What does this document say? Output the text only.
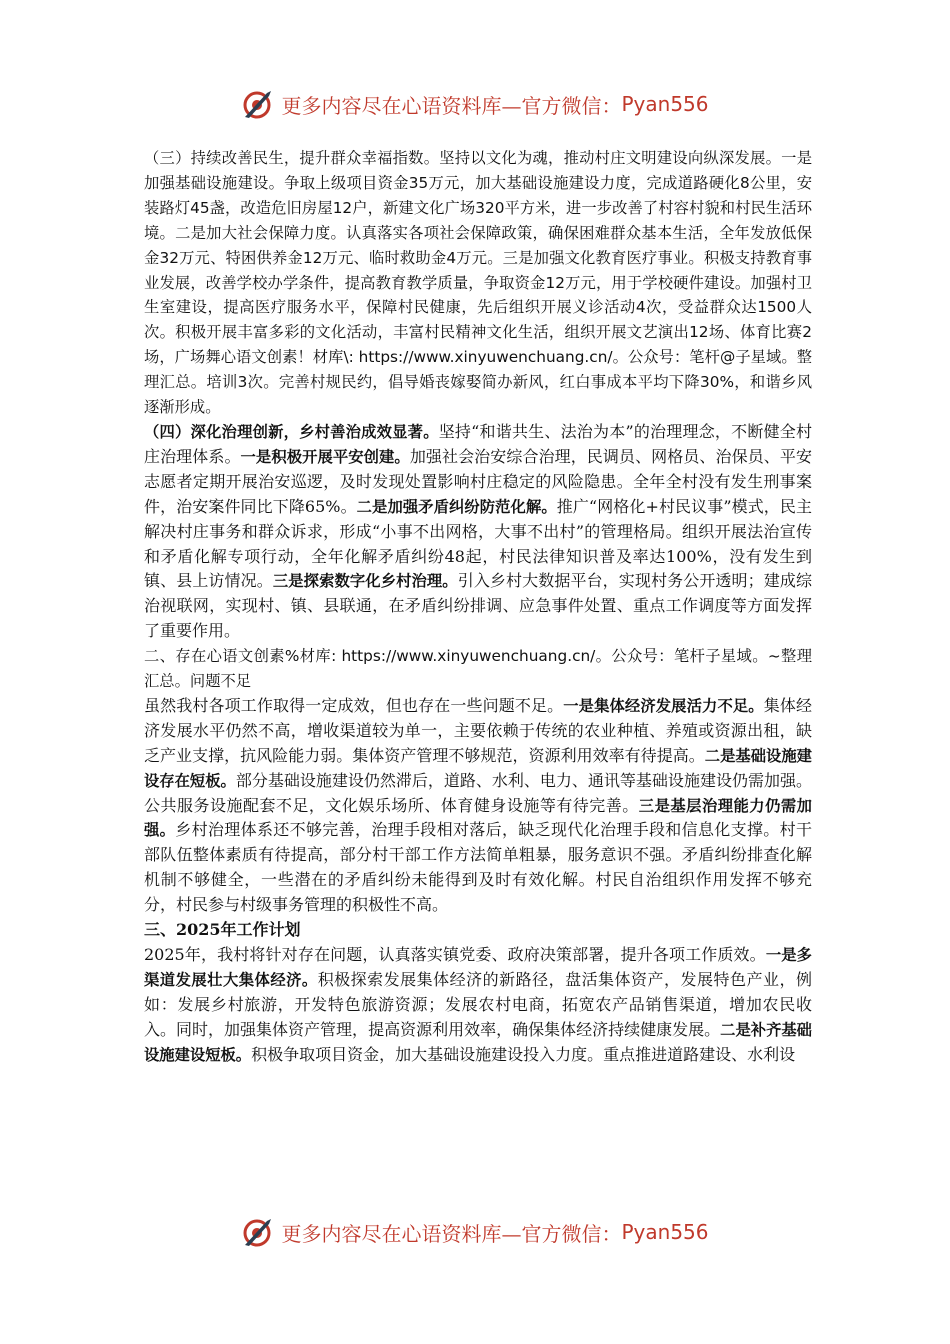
更多内容尽在心语资料库—官方微信： Pyan556

（三）持续改善民生，提升群众幸福指数。坚持以文化为魂，推动村庄文明建设向纵深发展。一是加强基础设施建设。争取上级项目资金35万元，加大基础设施建设力度，完成道路硬化8公里，安装路灯45盏，改造危旧房屋12户，新建文化广场320平方米，进一步改善了村容村貌和村民生活环境。二是加大社会保障力度。认真落实各项社会保障政策，确保困难群众基本生活，全年发放低保金32万元、特困供养金12万元、临时救助金4万元。三是加强文化教育医疗事业。积极支持教育事业发展，改善学校办学条件，提高教育教学质量，争取资金12万元，用于学校硬件建设。加强村卫生室建设，提高医疗服务水平，保障村民健康，先后组织开展义诊活动4次，受益群众达1500人次。积极开展丰富多彩的文化活动，丰富村民精神文化生活，组织开展文艺演出12场、体育比赛2场，广场舞心语文创素！材库\: https://www.xinyuwenchuang.cn/。公众号：笔杆@子星域。整理汇总。培训3次。完善村规民约，倡导婚丧嫁娶简办新风，红白事成本平均下降30%，和谐乡风逐渐形成。

（四）深化治理创新，乡村善治成效显著。坚持“和谐共生、法治为本”的治理理念，不断健全村庄治理体系。一是积极开展平安创建。加强社会治安综合治理，民调员、网格员、治保员、平安志愿者定期开展治安巡逻，及时发现处置影响村庄稳定的风险隐患。全年全村没有发生刑事案件，治安案件同比下降65%。二是加强矛盾纠纷防范化解。推广“网格化+村民议事”模式，民主解决村庄事务和群众诉求，形成“小事不出网格，大事不出村”的管理格局。组织开展法治宣传和矛盾化解专项行动，全年化解矛盾纠纷48起，村民法律知识普及率达100%，没有发生到镇、县上访情况。三是探索数字化乡村治理。引入乡村大数据平台，实现村务公开透明；建成综治视联网，实现村、镇、县联通，在矛盾纠纷排调、应急事件处置、重点工作调度等方面发挥了重要作用。

二、存在心语文创素%材库: https://www.xinyuwenchuang.cn/。公众号：笔杆子星域。~整理汇总。问题不足

虽然我村各项工作取得一定成效，但也存在一些问题不足。一是集体经济发展活力不足。集体经济发展水平仍然不高，增收渠道较为单一，主要依赖于传统的农业种植、养殖或资源出租，缺乏产业支撑，抗风险能力弱。集体资产管理不够规范，资源利用效率有待提高。二是基础设施建设存在短板。部分基础设施建设仍然滞后，道路、水利、电力、通讯等基础设施建设仍需加强。公共服务设施配套不足，文化娱乐场所、体育健身设施等有待完善。三是基层治理能力仍需加强。乡村治理体系还不够完善，治理手段相对落后，缺乏现代化治理手段和信息化支撑。村干部队伍整体素质有待提高，部分村干部工作方法简单粗暴，服务意识不强。矛盾纠纷排查化解机制不够健全，一些潜在的矛盾纠纷未能得到及时有效化解。村民自治组织作用发挥不够充分，村民参与村级事务管理的积极性不高。

三、2025年工作计划

2025年，我村将针对存在问题，认真落实镇党委、政府决策部署，提升各项工作质效。一是多渠道发展壮大集体经济。积极探索发展集体经济的新路径，盘活集体资产，发展特色产业，例如：发展乡村旅游，开发特色旅游资源；发展农村电商，拓宽农产品销售渠道，增加农民收入。同时，加强集体资产管理，提高资源利用效率，确保集体经济持续健康发展。二是补齐基础设施建设短板。积极争取项目资金，加大基础设施建设投入力度。重点推进道路建设、水利设

更多内容尽在心语资料库—官方微信： Pyan556
